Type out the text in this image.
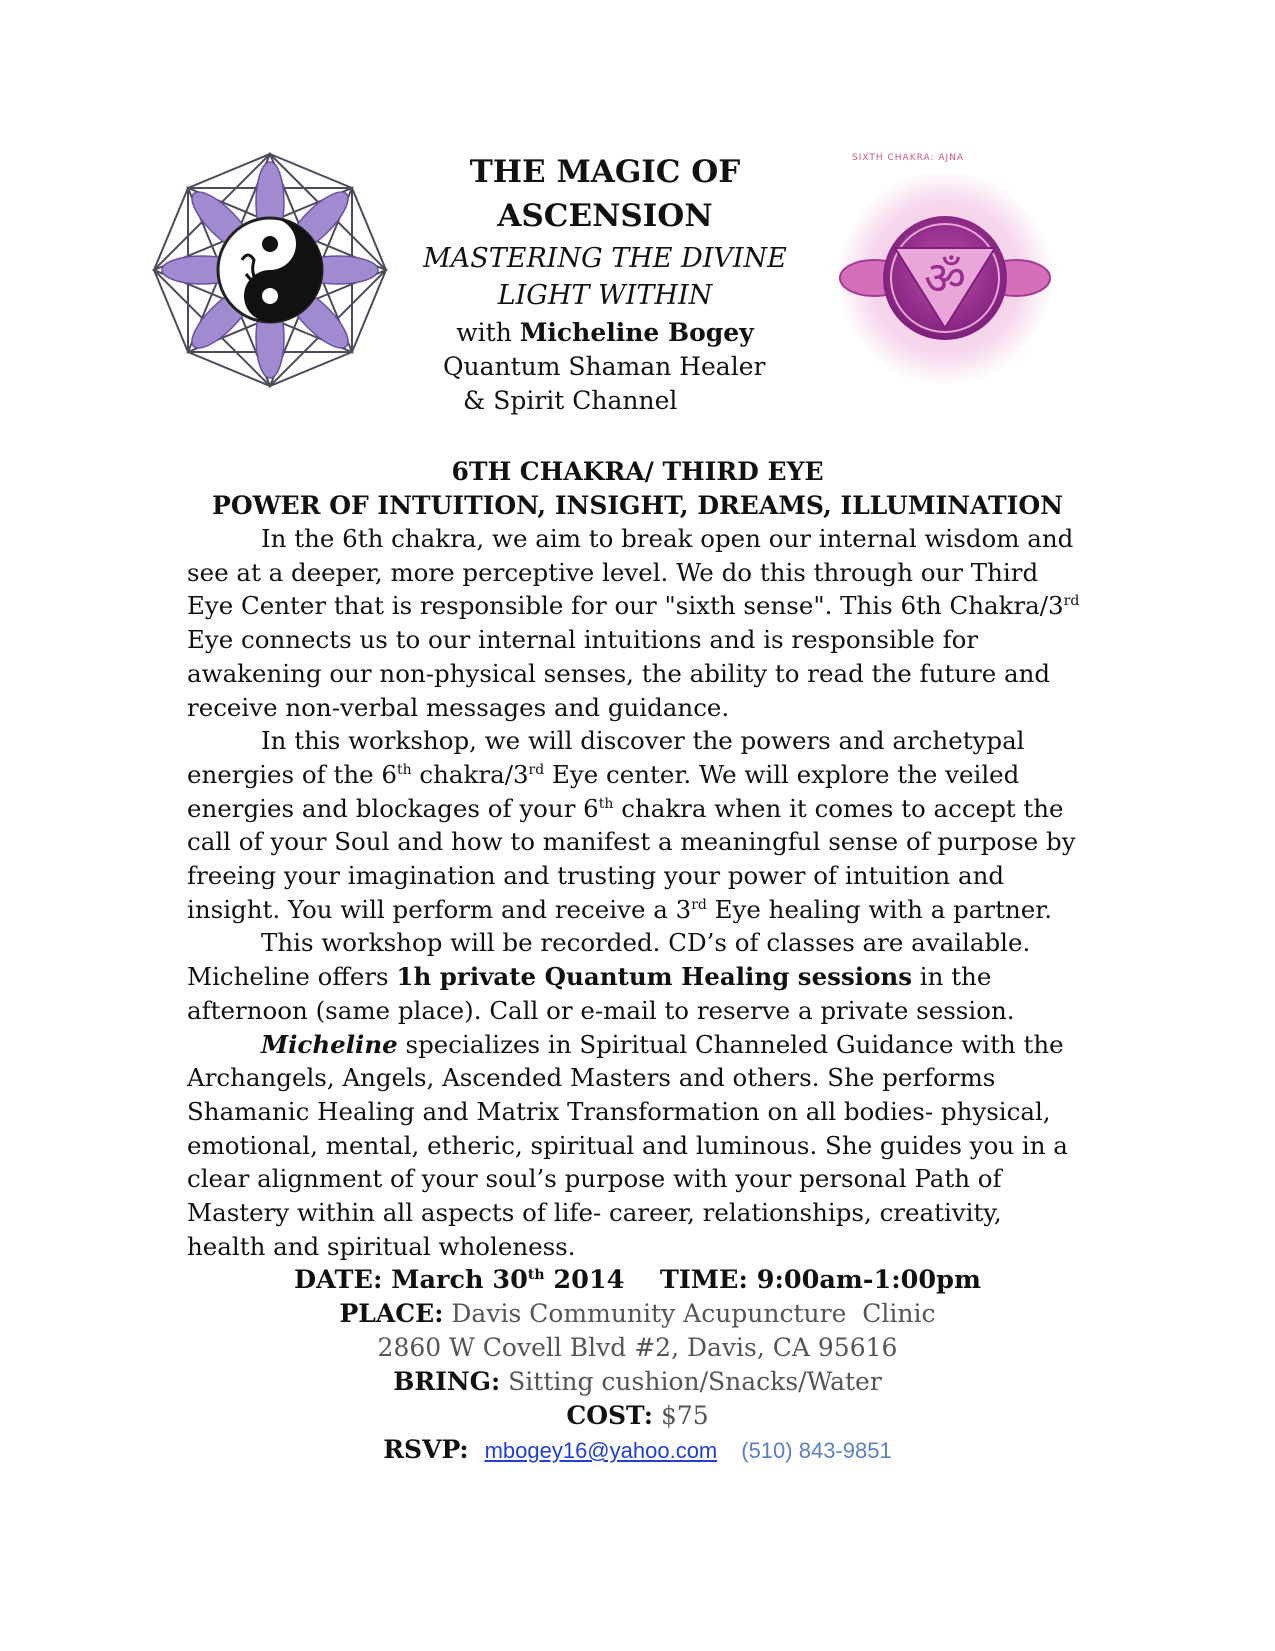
THE MAGIC OF
ASCENSION
MASTERING THE DIVINE
LIGHT WITHIN
with Micheline Bogey
Quantum Shaman Healer
& Spirit Channel
SIXTH CHAKRA: AJNA
ॐ
6TH CHAKRA/ THIRD EYE
POWER OF INTUITION, INSIGHT, DREAMS, ILLUMINATION

In the 6th chakra, we aim to break open our internal wisdom and see at a deeper, more perceptive level. We do this through our Third Eye Center that is responsible for our "sixth sense". This 6th Chakra/3rd Eye connects us to our internal intuitions and is responsible for awakening our non-physical senses, the ability to read the future and receive non-verbal messages and guidance.

In this workshop, we will discover the powers and archetypal energies of the 6th chakra/3rd Eye center. We will explore the veiled energies and blockages of your 6th chakra when it comes to accept the call of your Soul and how to manifest a meaningful sense of purpose by freeing your imagination and trusting your power of intuition and insight. You will perform and receive a 3rd Eye healing with a partner.

This workshop will be recorded. CD’s of classes are available. Micheline offers 1h private Quantum Healing sessions in the afternoon (same place). Call or e-mail to reserve a private session.

Micheline specializes in Spiritual Channeled Guidance with the Archangels, Angels, Ascended Masters and others. She performs Shamanic Healing and Matrix Transformation on all bodies- physical, emotional, mental, etheric, spiritual and luminous. She guides you in a clear alignment of your soul’s purpose with your personal Path of Mastery within all aspects of life- career, relationships, creativity, health and spiritual wholeness.

DATE: March 30th 2014    TIME: 9:00am-1:00pm
PLACE: Davis Community Acupuncture  Clinic
2860 W Covell Blvd #2, Davis, CA 95616
BRING: Sitting cushion/Snacks/Water
COST: $75
RSVP: mbogey16@yahoo.com (510) 843-9851
